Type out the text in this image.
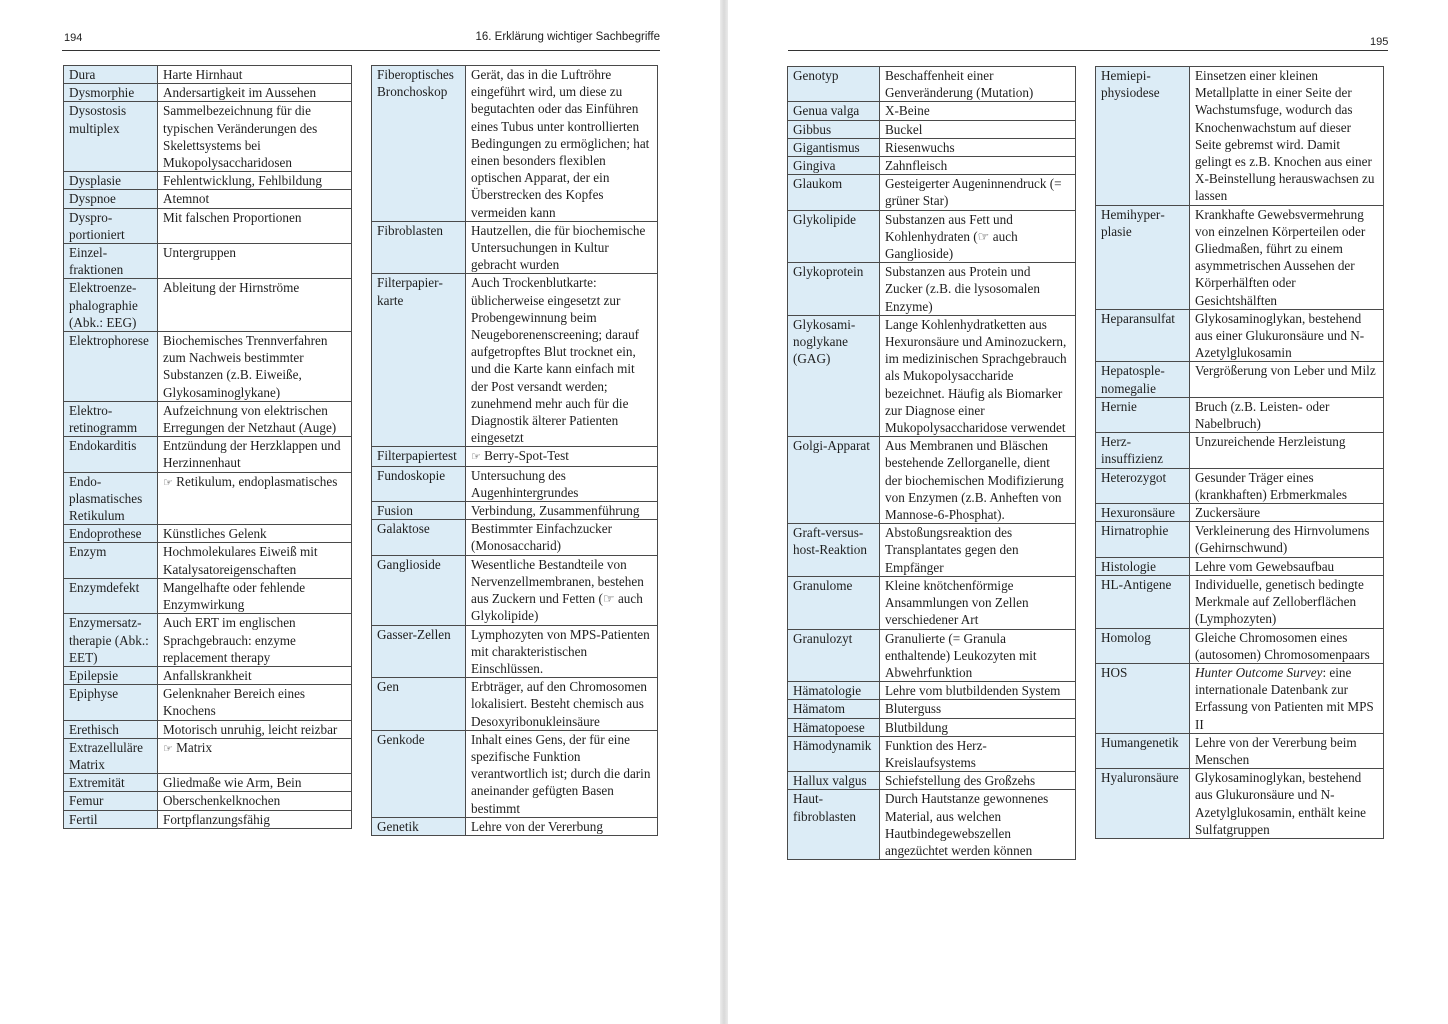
194	16. Erklärung wichtiger Sachbegriffe
Dura	Harte Hirnhaut
Dysmorphie	Andersartigkeit im Aussehen
Dysostosis multiplex	Sammelbezeichnung für die typischen Veränderungen des Skelettsystems bei Mukopolysaccharidosen
Dysplasie	Fehlentwicklung, Fehlbildung
Dyspnoe	Atemnot
Dysproportioniert	Mit falschen Proportionen
Einzelfraktionen	Untergruppen
Elektroenzephalographie (Abk.: EEG)	Ableitung der Hirnströme
Elektrophorese	Biochemisches Trennverfahren zum Nachweis bestimmter Substanzen (z.B. Eiweiße, Glykosaminoglykane)
Elektroretinogramm	Aufzeichnung von elektrischen Erregungen der Netzhaut (Auge)
Endokarditis	Entzündung der Herzklappen und Herzinnenhaut
Endoplasmatisches Retikulum	☞ Retikulum, endoplasmatisches
Endoprothese	Künstliches Gelenk
Enzym	Hochmolekulares Eiweiß mit Katalysatoreigenschaften
Enzymdefekt	Mangelhafte oder fehlende Enzymwirkung
Enzymersatztherapie (Abk.: EET)	Auch ERT im englischen Sprachgebrauch: enzyme replacement therapy
Epilepsie	Anfallskrankheit
Epiphyse	Gelenknaher Bereich eines Knochens
Erethisch	Motorisch unruhig, leicht reizbar
Extrazelluläre Matrix	☞ Matrix
Extremität	Gliedmaße wie Arm, Bein
Femur	Oberschenkelknochen
Fertil	Fortpflanzungsfähig
Fiberoptisches Bronchoskop	Gerät, das in die Luftröhre eingeführt wird, um diese zu begutachten oder das Einführen eines Tubus unter kontrollierten Bedingungen zu ermöglichen; hat einen besonders flexiblen optischen Apparat, der ein Überstrecken des Kopfes vermeiden kann
Fibroblasten	Hautzellen, die für biochemische Untersuchungen in Kultur gebracht wurden
Filterpapierkarte	Auch Trockenblutkarte: üblicherweise eingesetzt zur Probengewinnung beim Neugeborenenscreening; darauf aufgetropftes Blut trocknet ein, und die Karte kann einfach mit der Post versandt werden; zunehmend mehr auch für die Diagnostik älterer Patienten eingesetzt
Filterpapiertest	☞ Berry-Spot-Test
Fundoskopie	Untersuchung des Augenhintergrundes
Fusion	Verbindung, Zusammenführung
Galaktose	Bestimmter Einfachzucker (Monosaccharid)
Ganglioside	Wesentliche Bestandteile von Nervenzellmembranen, bestehen aus Zuckern und Fetten (☞ auch Glykolipide)
Gasser-Zellen	Lymphozyten von MPS-Patienten mit charakteristischen Einschlüssen.
Gen	Erbträger, auf den Chromosomen lokalisiert. Besteht chemisch aus Desoxyribonukleinsäure
Genkode	Inhalt eines Gens, der für eine spezifische Funktion verantwortlich ist; durch die darin aneinander gefügten Basen bestimmt
Genetik	Lehre von der Vererbung
195
Genotyp	Beschaffenheit einer Genveränderung (Mutation)
Genua valga	X-Beine
Gibbus	Buckel
Gigantismus	Riesenwuchs
Gingiva	Zahnfleisch
Glaukom	Gesteigerter Augeninnendruck (= grüner Star)
Glykolipide	Substanzen aus Fett und Kohlenhydraten (☞ auch Ganglioside)
Glykoprotein	Substanzen aus Protein und Zucker (z.B. die lysosomalen Enzyme)
Glykosaminoglykane (GAG)	Lange Kohlenhydratketten aus Hexuronsäure und Aminozuckern, im medizinischen Sprachgebrauch als Mukopolysaccharide bezeichnet. Häufig als Biomarker zur Diagnose einer Mukopolysaccharidose verwendet
Golgi-Apparat	Aus Membranen und Bläschen bestehende Zellorganelle, dient der biochemischen Modifizierung von Enzymen (z.B. Anheften von Mannose-6-Phosphat).
Graft-versus-host-Reaktion	Abstoßungsreaktion des Transplantates gegen den Empfänger
Granulome	Kleine knötchenförmige Ansammlungen von Zellen verschiedener Art
Granulozyt	Granulierte (= Granula enthaltende) Leukozyten mit Abwehrfunktion
Hämatologie	Lehre vom blutbildenden System
Hämatom	Bluterguss
Hämatopoese	Blutbildung
Hämodynamik	Funktion des Herz-Kreislaufsystems
Hallux valgus	Schiefstellung des Großzehs
Hautfibroblasten	Durch Hautstanze gewonnenes Material, aus welchen Hautbindegewebszellen angezüchtet werden können
Hemiepiphysiodese	Einsetzen einer kleinen Metallplatte in einer Seite der Wachstumsfuge, wodurch das Knochenwachstum auf dieser Seite gebremst wird. Damit gelingt es z.B. Knochen aus einer X-Beinstellung herauswachsen zu lassen
Hemihyperplasie	Krankhafte Gewebsvermehrung von einzelnen Körperteilen oder Gliedmaßen, führt zu einem asymmetrischen Aussehen der Körperhälften oder Gesichtshälften
Heparansulfat	Glykosaminoglykan, bestehend aus einer Glukuronsäure und N-Azetylglukosamin
Hepatosplenomegalie	Vergrößerung von Leber und Milz
Hernie	Bruch (z.B. Leisten- oder Nabelbruch)
Herzinsuffizienz	Unzureichende Herzleistung
Heterozygot	Gesunder Träger eines (krankhaften) Erbmerkmales
Hexuronsäure	Zuckersäure
Hirnatrophie	Verkleinerung des Hirnvolumens (Gehirnschwund)
Histologie	Lehre vom Gewebsaufbau
HL-Antigene	Individuelle, genetisch bedingte Merkmale auf Zelloberflächen (Lymphozyten)
Homolog	Gleiche Chromosomen eines (autosomen) Chromosomenpaars
HOS	Hunter Outcome Survey: eine internationale Datenbank zur Erfassung von Patienten mit MPS II
Humangenetik	Lehre von der Vererbung beim Menschen
Hyaluronsäure	Glykosaminoglykan, bestehend aus Glukuronsäure und N-Azetylglukosamin, enthält keine Sulfatgruppen
